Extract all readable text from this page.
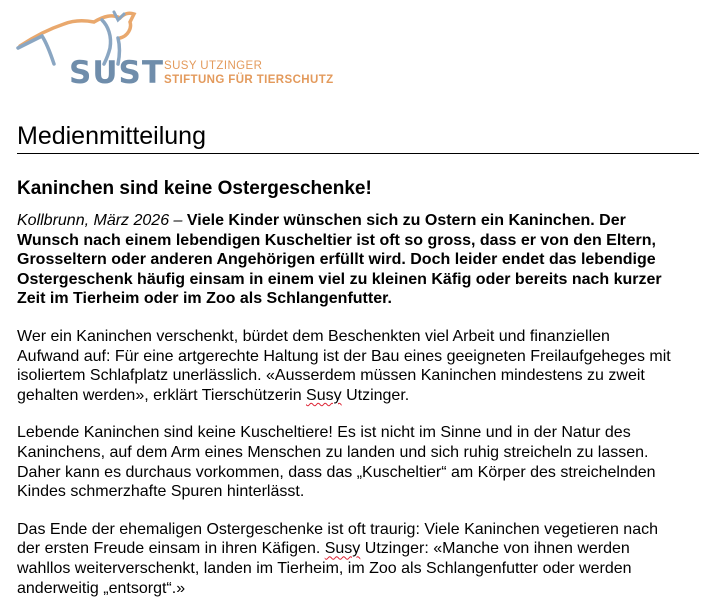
SUST SUSY UTZINGER
STIFTUNG FÜR TIERSCHUTZ
Medienmitteilung
Kaninchen sind keine Ostergeschenke!

Kollbrunn, März 2026 – Viele Kinder wünschen sich zu Ostern ein Kaninchen. Der
Wunsch nach einem lebendigen Kuscheltier ist oft so gross, dass er von den Eltern,
Grosseltern oder anderen Angehörigen erfüllt wird. Doch leider endet das lebendige
Ostergeschenk häufig einsam in einem viel zu kleinen Käfig oder bereits nach kurzer
Zeit im Tierheim oder im Zoo als Schlangenfutter.

Wer ein Kaninchen verschenkt, bürdet dem Beschenkten viel Arbeit und finanziellen
Aufwand auf: Für eine artgerechte Haltung ist der Bau eines geeigneten Freilaufgeheges mit
isoliertem Schlafplatz unerlässlich. «Ausserdem müssen Kaninchen mindestens zu zweit
gehalten werden», erklärt Tierschützerin Susy Utzinger.

Lebende Kaninchen sind keine Kuscheltiere! Es ist nicht im Sinne und in der Natur des
Kaninchens, auf dem Arm eines Menschen zu landen und sich ruhig streicheln zu lassen.
Daher kann es durchaus vorkommen, dass das „Kuscheltier“ am Körper des streichelnden
Kindes schmerzhafte Spuren hinterlässt.

Das Ende der ehemaligen Ostergeschenke ist oft traurig: Viele Kaninchen vegetieren nach
der ersten Freude einsam in ihren Käfigen. Susy Utzinger: «Manche von ihnen werden
wahllos weiterverschenkt, landen im Tierheim, im Zoo als Schlangenfutter oder werden
anderweitig „entsorgt“.»
